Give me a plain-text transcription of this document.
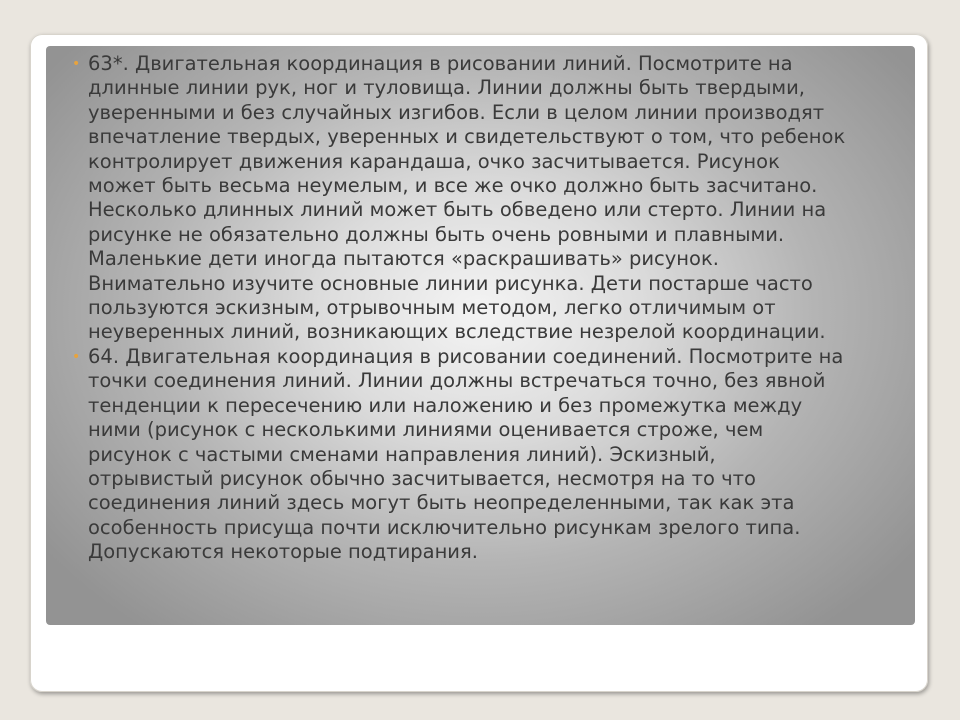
• 63*. Двигательная координация в рисовании линий. Посмотрите на
длинные линии рук, ног и туловища. Линии должны быть твердыми,
уверенными и без случайных изгибов. Если в целом линии производят
впечатление твердых, уверенных и свидетельствуют о том, что ребенок
контролирует движения карандаша, очко засчитывается. Рисунок
может быть весьма неумелым, и все же очко должно быть засчитано.
Несколько длинных линий может быть обведено или стерто. Линии на
рисунке не обязательно должны быть очень ровными и плавными.
Маленькие дети иногда пытаются «раскрашивать» рисунок.
Внимательно изучите основные линии рисунка. Дети постарше часто
пользуются эскизным, отрывочным методом, легко отличимым от
неуверенных линий, возникающих вследствие незрелой координации.
• 64. Двигательная координация в рисовании соединений. Посмотрите на
точки соединения линий. Линии должны встречаться точно, без явной
тенденции к пересечению или наложению и без промежутка между
ними (рисунок с несколькими линиями оценивается строже, чем
рисунок с частыми сменами направления линий). Эскизный,
отрывистый рисунок обычно засчитывается, несмотря на то что
соединения линий здесь могут быть неопределенными, так как эта
особенность присуща почти исключительно рисункам зрелого типа.
Допускаются некоторые подтирания.
